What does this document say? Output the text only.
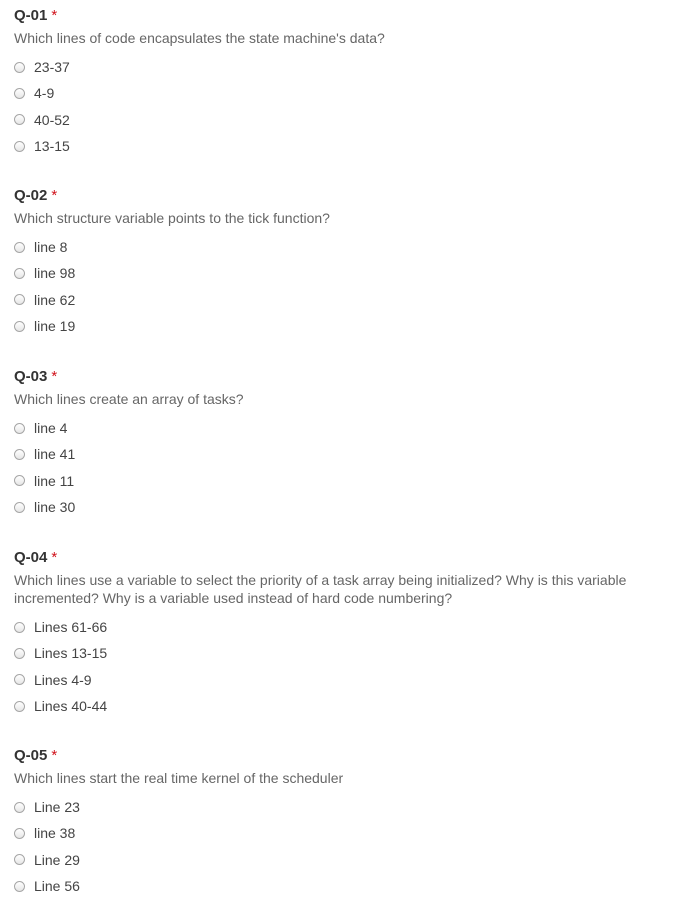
Q-01 *
Which lines of code encapsulates the state machine's data?
23-37
4-9
40-52
13-15
Q-02 *
Which structure variable points to the tick function?
line 8
line 98
line 62
line 19
Q-03 *
Which lines create an array of tasks?
line 4
line 41
line 11
line 30
Q-04 *
Which lines use a variable to select the priority of a task array being initialized? Why is this variable incremented? Why is a variable used instead of hard code numbering?
Lines 61-66
Lines 13-15
Lines 4-9
Lines 40-44
Q-05 *
Which lines start the real time kernel of the scheduler
Line 23
line 38
Line 29
Line 56
